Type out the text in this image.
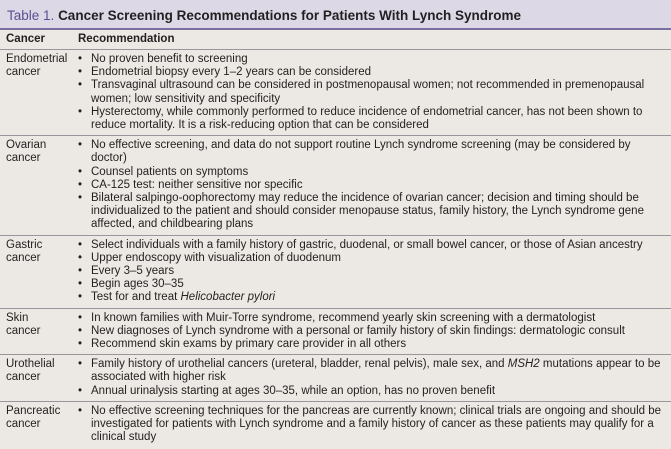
Table 1. Cancer Screening Recommendations for Patients With Lynch Syndrome
Cancer	Recommendation
Endometrial
cancer
• No proven benefit to screening
• Endometrial biopsy every 1–2 years can be considered
• Transvaginal ultrasound can be considered in postmenopausal women; not recommended in premenopausal women; low sensitivity and specificity
• Hysterectomy, while commonly performed to reduce incidence of endometrial cancer, has not been shown to reduce mortality. It is a risk-reducing option that can be considered
Ovarian
cancer
• No effective screening, and data do not support routine Lynch syndrome screening (may be considered by doctor)
• Counsel patients on symptoms
• CA-125 test: neither sensitive nor specific
• Bilateral salpingo-oophorectomy may reduce the incidence of ovarian cancer; decision and timing should be individualized to the patient and should consider menopause status, family history, the Lynch syndrome gene affected, and childbearing plans
Gastric
cancer
• Select individuals with a family history of gastric, duodenal, or small bowel cancer, or those of Asian ancestry
• Upper endoscopy with visualization of duodenum
• Every 3–5 years
• Begin ages 30–35
• Test for and treat Helicobacter pylori
Skin
cancer
• In known families with Muir-Torre syndrome, recommend yearly skin screening with a dermatologist
• New diagnoses of Lynch syndrome with a personal or family history of skin findings: dermatologic consult
• Recommend skin exams by primary care provider in all others
Urothelial
cancer
• Family history of urothelial cancers (ureteral, bladder, renal pelvis), male sex, and MSH2 mutations appear to be associated with higher risk
• Annual urinalysis starting at ages 30–35, while an option, has no proven benefit
Pancreatic
cancer
• No effective screening techniques for the pancreas are currently known; clinical trials are ongoing and should be investigated for patients with Lynch syndrome and a family history of cancer as these patients may qualify for a clinical study
